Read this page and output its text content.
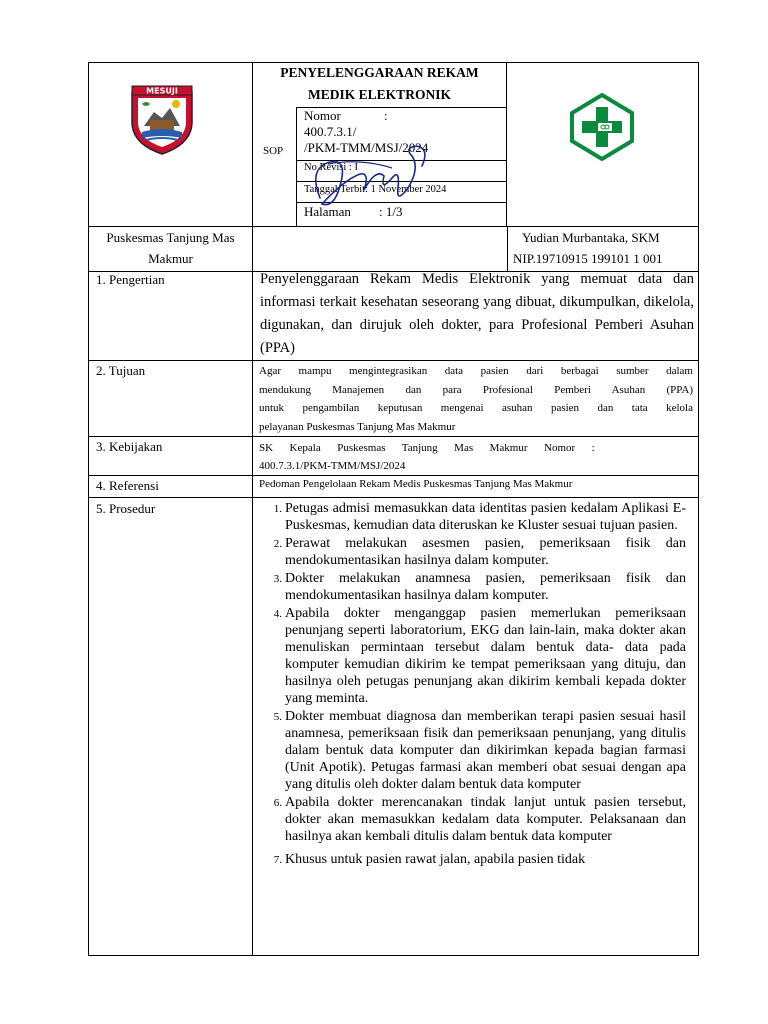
MESUJI
PENYELENGGARAAN REKAM
MEDIK ELEKTRONIK
SOP
Nomor	:
400.7.3.1/
/PKM-TMM/MSJ/2024
No Revisi : I
Tanggal Terbit: 1 November 2024
Halaman : 1/3
Puskesmas Tanjung Mas
Makmur
Yudian Murbantaka, SKM
NIP.19710915 199101 1 001
1. Pengertian
2. Tujuan
3. Kebijakan
4. Referensi
5. Prosedur
Penyelenggaraan Rekam Medis Elektronik yang memuat data dan informasi terkait kesehatan seseorang yang dibuat, dikumpulkan, dikelola, digunakan, dan dirujuk oleh dokter, para Profesional Pemberi Asuhan (PPA)
Agar mampu mengintegrasikan data pasien dari berbagai sumber dalam
mendukung Manajemen dan para Profesional Pemberi Asuhan (PPA)
untuk pengambilan keputusan mengenai asuhan pasien dan tata kelola
pelayanan Puskesmas Tanjung Mas Makmur
SK      Kepala      Puskesmas      Tanjung      Mas      Makmur      Nomor      :
400.7.3.1/PKM-TMM/MSJ/2024
Pedoman Pengelolaan Rekam Medis Puskesmas Tanjung Mas Makmur
1. Petugas admisi memasukkan data identitas pasien kedalam Aplikasi E-Puskesmas, kemudian data diteruskan ke Kluster sesuai tujuan pasien.
2. Perawat melakukan asesmen pasien, pemeriksaan fisik dan mendokumentasikan hasilnya dalam komputer.
3. Dokter melakukan anamnesa pasien, pemeriksaan fisik dan mendokumentasikan hasilnya dalam komputer.
4. Apabila dokter menganggap pasien memerlukan pemeriksaan penunjang seperti laboratorium, EKG dan lain-lain, maka dokter akan menuliskan permintaan tersebut dalam bentuk data- data pada komputer kemudian dikirim ke tempat pemeriksaan yang dituju, dan hasilnya oleh petugas penunjang akan dikirim kembali kepada dokter yang meminta.
5. Dokter membuat diagnosa dan memberikan terapi pasien sesuai hasil anamnesa, pemeriksaan fisik dan pemeriksaan penunjang, yang ditulis dalam bentuk data komputer dan dikirimkan kepada bagian farmasi (Unit Apotik). Petugas farmasi akan memberi obat sesuai dengan apa yang ditulis oleh dokter dalam bentuk data komputer
6. Apabila dokter merencanakan tindak lanjut untuk pasien tersebut, dokter akan memasukkan kedalam data komputer. Pelaksanaan dan hasilnya akan kembali ditulis dalam bentuk data komputer
7. Khusus untuk pasien rawat jalan, apabila pasien tidak
